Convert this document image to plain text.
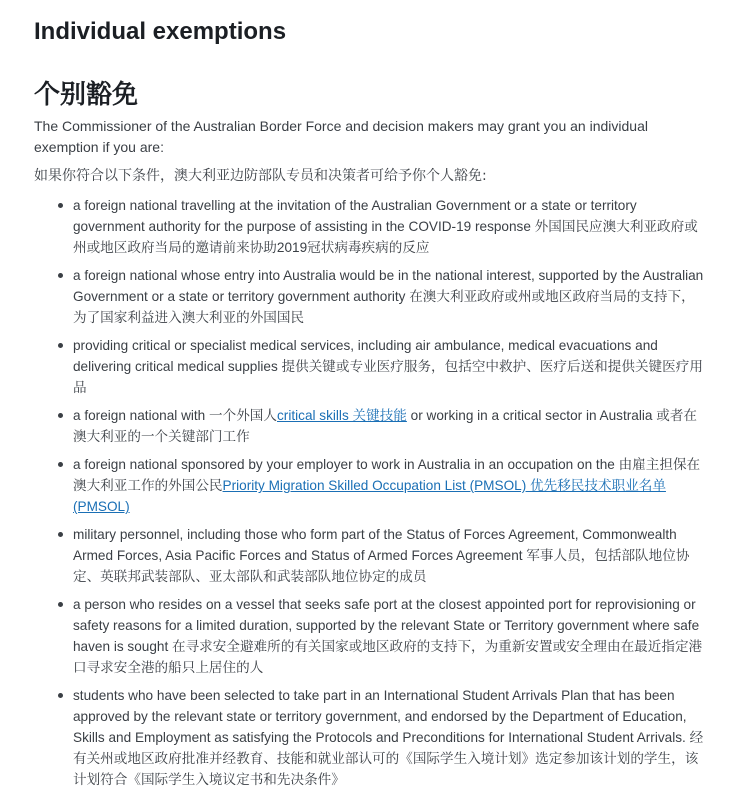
Individual exemptions
个别豁免

The Commissioner of the Australian Border Force and decision makers may grant you an individual exemption if you are:

如果你符合以下条件，澳大利亚边防部队专员和决策者可给予你个人豁免:

a foreign national travelling at the invitation of the Australian Government or a state or territory government authority for the purpose of assisting in the COVID-19 response 外国国民应澳大利亚政府或州或地区政府当局的邀请前来协助2019冠状病毒疾病的反应
a foreign national whose entry into Australia would be in the national interest, supported by the Australian Government or a state or territory government authority 在澳大利亚政府或州或地区政府当局的支持下，为了国家利益进入澳大利亚的外国国民
providing critical or specialist medical services, including air ambulance, medical evacuations and delivering critical medical supplies 提供关键或专业医疗服务，包括空中救护、医疗后送和提供关键医疗用品
a foreign national with 一个外国人critical skills 关键技能 or working in a critical sector in Australia 或者在澳大利亚的一个关键部门工作
a foreign national sponsored by your employer to work in Australia in an occupation on the 由雇主担保在澳大利亚工作的外国公民Priority Migration Skilled Occupation List (PMSOL) 优先移民技术职业名单(PMSOL)
military personnel, including those who form part of the Status of Forces Agreement, Commonwealth Armed Forces, Asia Pacific Forces and Status of Armed Forces Agreement 军事人员，包括部队地位协定、英联邦武装部队、亚太部队和武装部队地位协定的成员
a person who resides on a vessel that seeks safe port at the closest appointed port for reprovisioning or safety reasons for a limited duration, supported by the relevant State or Territory government where safe haven is sought 在寻求安全避难所的有关国家或地区政府的支持下，为重新安置或安全理由在最近指定港口寻求安全港的船只上居住的人
students who have been selected to take part in an International Student Arrivals Plan that has been approved by the relevant state or territory government, and endorsed by the Department of Education, Skills and Employment as satisfying the Protocols and Preconditions for International Student Arrivals. 经有关州或地区政府批准并经教育、技能和就业部认可的《国际学生入境计划》选定参加该计划的学生，该计划符合《国际学生入境议定书和先决条件》
